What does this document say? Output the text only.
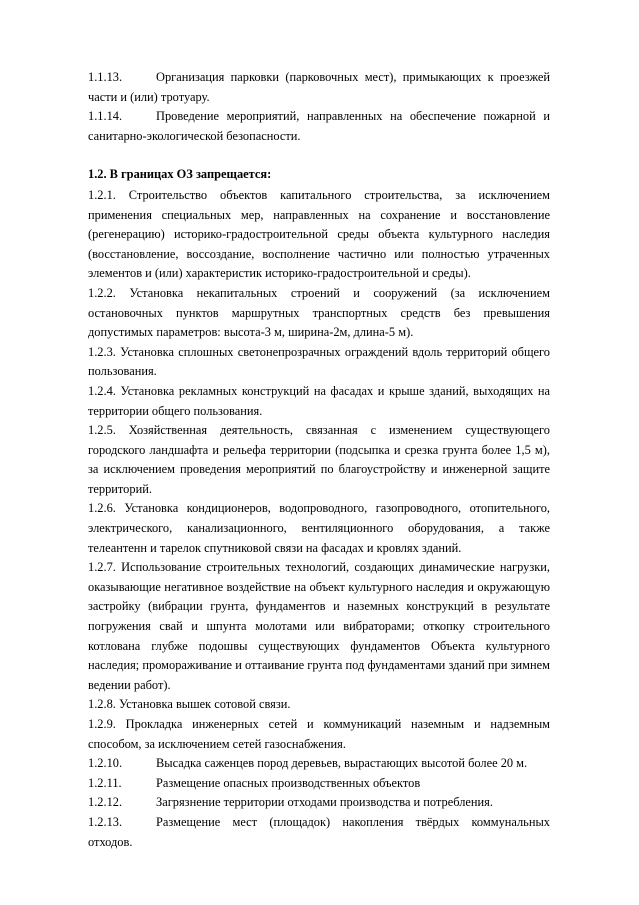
1.1.13.	Организация парковки (парковочных мест), примыкающих к проезжей части и (или) тротуару.

1.1.14.	Проведение мероприятий, направленных на обеспечение пожарной и санитарно-экологической безопасности.

1.2. В границах ОЗ запрещается:

1.2.1. Строительство объектов капитального строительства, за исключением применения специальных мер, направленных на сохранение и восстановление (регенерацию) историко-градостроительной среды объекта культурного наследия (восстановление, воссоздание, восполнение частично или полностью утраченных элементов и (или) характеристик историко-градостроительной и среды).

1.2.2. Установка некапитальных строений и сооружений (за исключением остановочных пунктов маршрутных транспортных средств без превышения допустимых параметров: высота-3 м, ширина-2м, длина-5 м).

1.2.3. Установка сплошных светонепрозрачных ограждений вдоль территорий общего пользования.

1.2.4. Установка рекламных конструкций на фасадах и крыше зданий, выходящих на территории общего пользования.

1.2.5. Хозяйственная деятельность, связанная с изменением существующего городского ландшафта и рельефа территории (подсыпка и срезка грунта более 1,5 м), за исключением проведения мероприятий по благоустройству и инженерной защите территорий.

1.2.6. Установка кондиционеров, водопроводного, газопроводного, отопительного, электрического, канализационного, вентиляционного оборудования, а также телеантенн и тарелок спутниковой связи на фасадах и кровлях зданий.

1.2.7. Использование строительных технологий, создающих динамические нагрузки, оказывающие негативное воздействие на объект культурного наследия и окружающую застройку (вибрации грунта, фундаментов и наземных конструкций в результате погружения свай и шпунта молотами или вибраторами; откопку строительного котлована глубже подошвы существующих фундаментов Объекта культурного наследия; промораживание и оттаивание грунта под фундаментами зданий при зимнем ведении работ).

1.2.8. Установка вышек сотовой связи.

1.2.9. Прокладка инженерных сетей и коммуникаций наземным и надземным способом, за исключением сетей газоснабжения.

1.2.10.	Высадка саженцев пород деревьев, вырастающих высотой более 20 м.

1.2.11.	Размещение опасных производственных объектов

1.2.12.	Загрязнение территории отходами производства и потребления.

1.2.13.	Размещение мест (площадок) накопления твёрдых коммунальных отходов.
